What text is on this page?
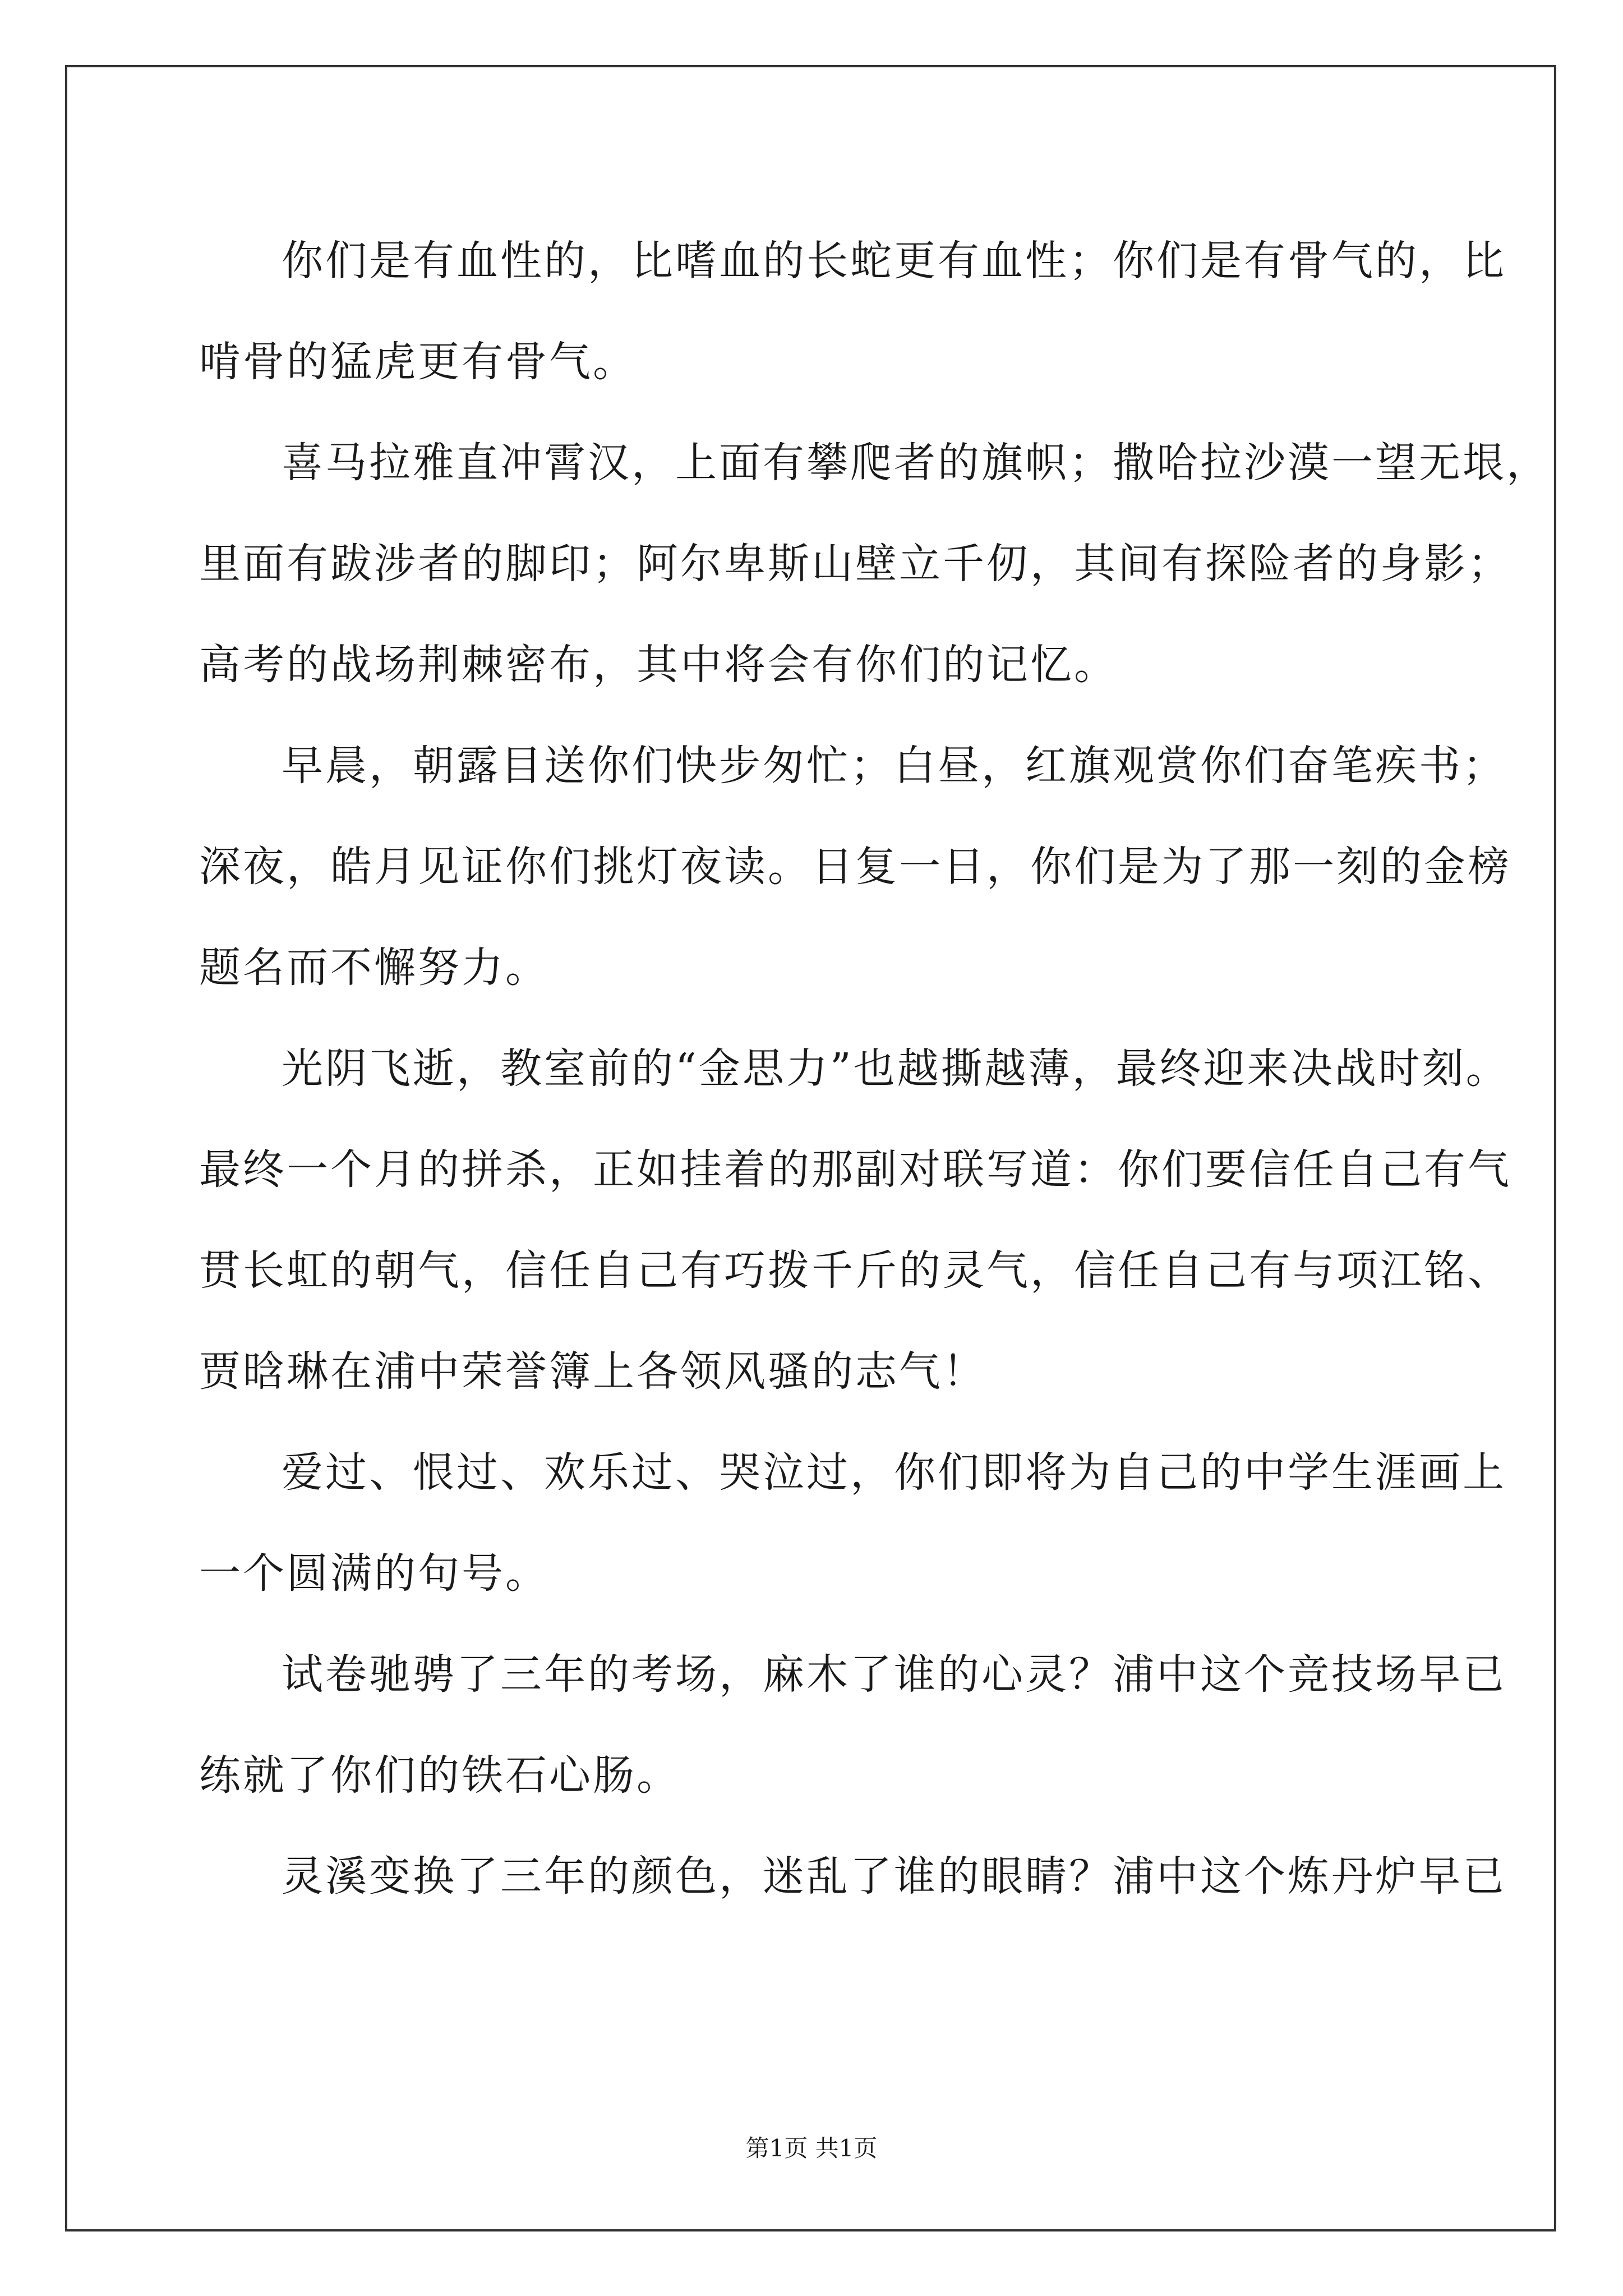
你们是有血性的，比嗜血的长蛇更有血性；你们是有骨气的，比
啃骨的猛虎更有骨气。
喜马拉雅直冲霄汉，上面有攀爬者的旗帜；撒哈拉沙漠一望无垠，
里面有跋涉者的脚印；阿尔卑斯山壁立千仞，其间有探险者的身影；
高考的战场荆棘密布，其中将会有你们的记忆。
早晨，朝露目送你们快步匆忙；白昼，红旗观赏你们奋笔疾书；
深夜，皓月见证你们挑灯夜读。日复一日，你们是为了那一刻的金榜
题名而不懈努力。
光阴飞逝，教室前的“金思力”也越撕越薄，最终迎来决战时刻。
最终一个月的拼杀，正如挂着的那副对联写道：你们要信任自己有气
贯长虹的朝气，信任自己有巧拨千斤的灵气，信任自己有与项江铭、
贾晗琳在浦中荣誉簿上各领风骚的志气！
爱过、恨过、欢乐过、哭泣过，你们即将为自己的中学生涯画上
一个圆满的句号。
试卷驰骋了三年的考场，麻木了谁的心灵？浦中这个竞技场早已
练就了你们的铁石心肠。
灵溪变换了三年的颜色，迷乱了谁的眼睛？浦中这个炼丹炉早已
第1页 共1页
